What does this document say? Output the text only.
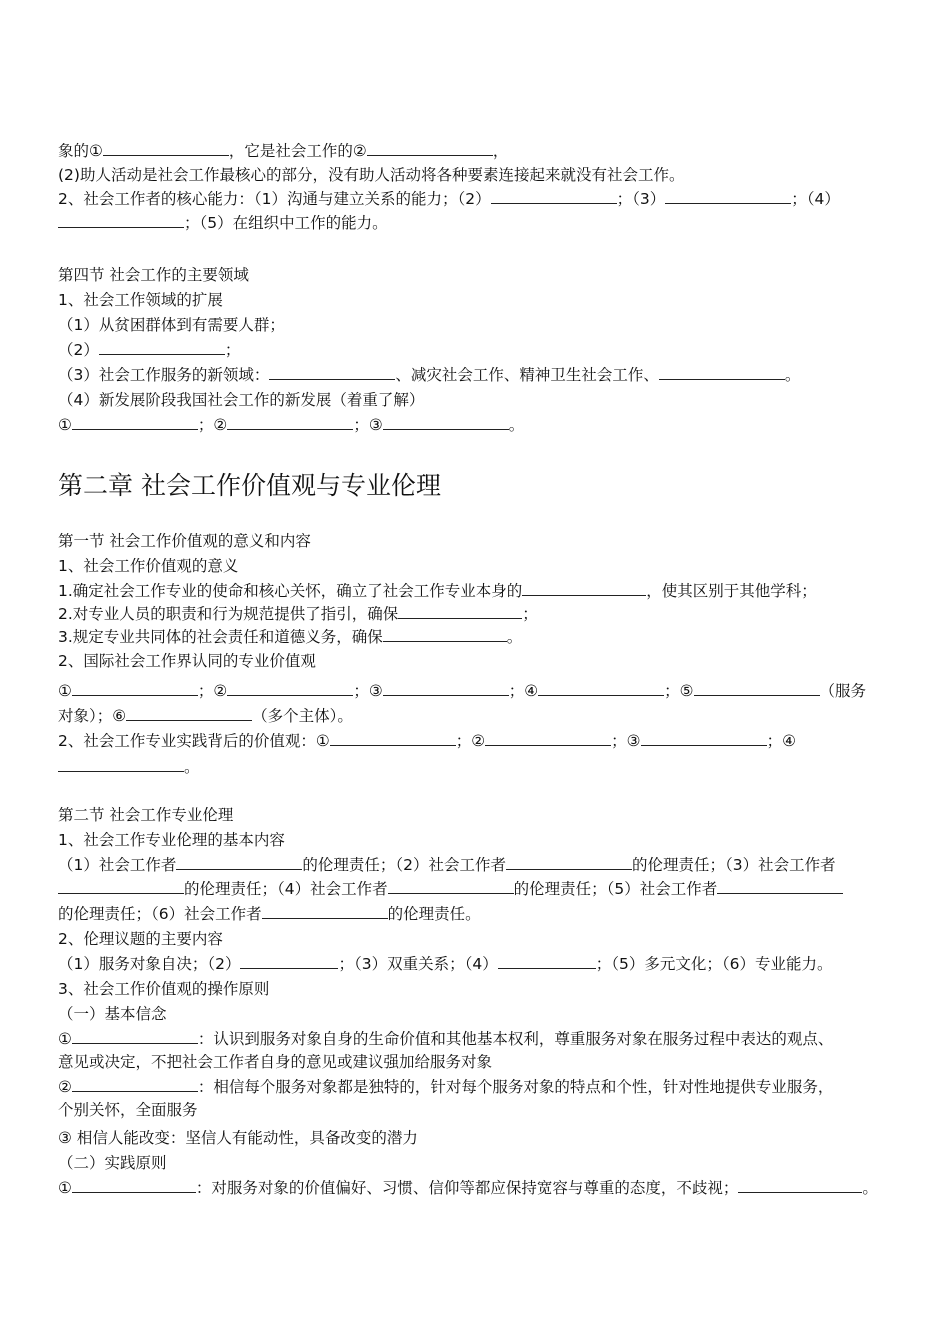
象的①	，它是社会工作的②	，
(2)助人活动是社会工作最核心的部分，没有助人活动将各种要素连接起来就没有社会工作。
2、社会工作者的核心能力：（1）沟通与建立关系的能力；（2）	；（3）	；（4）
；（5）在组织中工作的能力。
第四节 社会工作的主要领域
1、社会工作领域的扩展
（1）从贫困群体到有需要人群；
（2）	；
（3）社会工作服务的新领域：	、减灾社会工作、精神卫生社会工作、	。
（4）新发展阶段我国社会工作的新发展（着重了解）
①	；②	；③	。
第二章 社会工作价值观与专业伦理
第一节 社会工作价值观的意义和内容
1、社会工作价值观的意义
1.确定社会工作专业的使命和核心关怀，确立了社会工作专业本身的	，使其区别于其他学科；
2.对专业人员的职责和行为规范提供了指引，确保	；
3.规定专业共同体的社会责任和道德义务，确保	。
2、国际社会工作界认同的专业价值观
①	；②	；③	；④	；⑤	（服务
对象）；⑥	（多个主体）。
2、社会工作专业实践背后的价值观：①	；②	；③	；④
。
第二节 社会工作专业伦理
1、社会工作专业伦理的基本内容
（1）社会工作者	的伦理责任；（2）社会工作者	的伦理责任；（3）社会工作者
的伦理责任；（4）社会工作者	的伦理责任；（5）社会工作者
的伦理责任；（6）社会工作者	的伦理责任。
2、伦理议题的主要内容
（1）服务对象自决；（2）	；（3）双重关系；（4）	；（5）多元文化；（6）专业能力。
3、社会工作价值观的操作原则
（一）基本信念
①	：认识到服务对象自身的生命价值和其他基本权利，尊重服务对象在服务过程中表达的观点、
意见或决定，不把社会工作者自身的意见或建议强加给服务对象
②	：相信每个服务对象都是独特的，针对每个服务对象的特点和个性，针对性地提供专业服务，
个别关怀，全面服务
③ 相信人能改变：坚信人有能动性，具备改变的潜力
（二）实践原则
①	：对服务对象的价值偏好、习惯、信仰等都应保持宽容与尊重的态度，不歧视；	。
